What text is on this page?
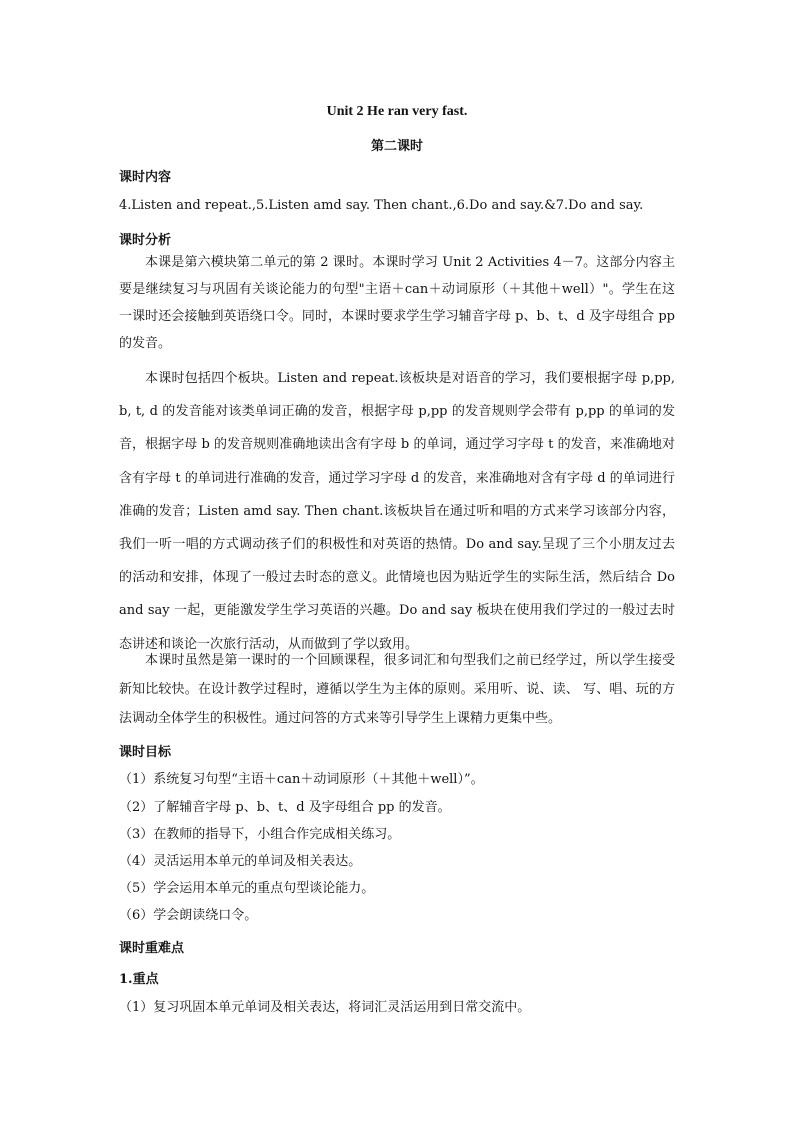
Unit 2 He ran very fast.
第二课时
课时内容
4.Listen and repeat.,5.Listen amd say. Then chant.,6.Do and say.&7.Do and say.
课时分析
本课是第六模块第二单元的第 2 课时。本课时学习 Unit 2 Activities 4－7。这部分内容主要是继续复习与巩固有关谈论能力的句型"主语＋can＋动词原形（＋其他＋well）"。学生在这一课时还会接触到英语绕口令。同时，本课时要求学生学习辅音字母 p、b、t、d 及字母组合 pp 的发音。
本课时包括四个板块。Listen and repeat.该板块是对语音的学习，我们要根据字母 p,pp, b, t, d 的发音能对该类单词正确的发音，根据字母 p,pp 的发音规则学会带有 p,pp 的单词的发音，根据字母 b 的发音规则准确地读出含有字母 b 的单词，通过学习字母 t 的发音，来准确地对含有字母 t 的单词进行准确的发音，通过学习字母 d 的发音，来准确地对含有字母 d 的单词进行准确的发音；Listen amd say. Then chant.该板块旨在通过听和唱的方式来学习该部分内容，我们一听一唱的方式调动孩子们的积极性和对英语的热情。Do and say.呈现了三个小朋友过去的活动和安排，体现了一般过去时态的意义。此情境也因为贴近学生的实际生活，然后结合 Do and say 一起，更能激发学生学习英语的兴趣。Do and say 板块在使用我们学过的一般过去时态讲述和谈论一次旅行活动，从而做到了学以致用。
本课时虽然是第一课时的一个回顾课程，很多词汇和句型我们之前已经学过，所以学生接受新知比较快。在设计教学过程时，遵循以学生为主体的原则。采用听、说、读、 写、唱、玩的方法调动全体学生的积极性。通过问答的方式来等引导学生上课精力更集中些。
课时目标
（1）系统复习句型“主语＋can＋动词原形（＋其他＋well）”。
（2）了解辅音字母 p、b、t、d 及字母组合 pp 的发音。
（3）在教师的指导下，小组合作完成相关练习。
（4）灵活运用本单元的单词及相关表达。
（5）学会运用本单元的重点句型谈论能力。
（6）学会朗读绕口令。
课时重难点
1.重点
（1）复习巩固本单元单词及相关表达，将词汇灵活运用到日常交流中。
